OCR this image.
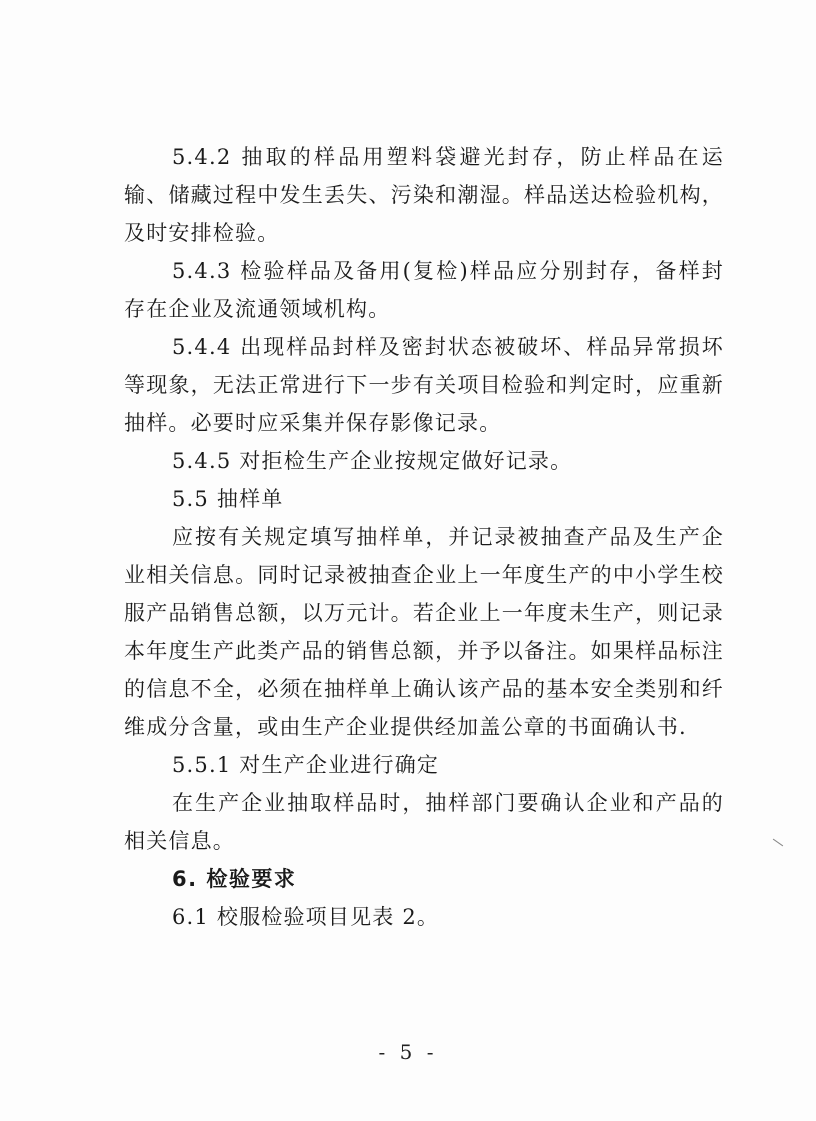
5.4.2 抽取的样品用塑料袋避光封存，防止样品在运输、储藏过程中发生丢失、污染和潮湿。样品送达检验机构，及时安排检验。

5.4.3 检验样品及备用(复检)样品应分别封存，备样封存在企业及流通领域机构。

5.4.4 出现样品封样及密封状态被破坏、样品异常损坏等现象，无法正常进行下一步有关项目检验和判定时，应重新抽样。必要时应采集并保存影像记录。

5.4.5 对拒检生产企业按规定做好记录。

5.5 抽样单

应按有关规定填写抽样单，并记录被抽查产品及生产企业相关信息。同时记录被抽查企业上一年度生产的中小学生校服产品销售总额，以万元计。若企业上一年度未生产，则记录本年度生产此类产品的销售总额，并予以备注。如果样品标注的信息不全，必须在抽样单上确认该产品的基本安全类别和纤维成分含量，或由生产企业提供经加盖公章的书面确认书.

5.5.1 对生产企业进行确定

在生产企业抽取样品时，抽样部门要确认企业和产品的相关信息。

6. 检验要求

6.1 校服检验项目见表 2。

- 5 -
